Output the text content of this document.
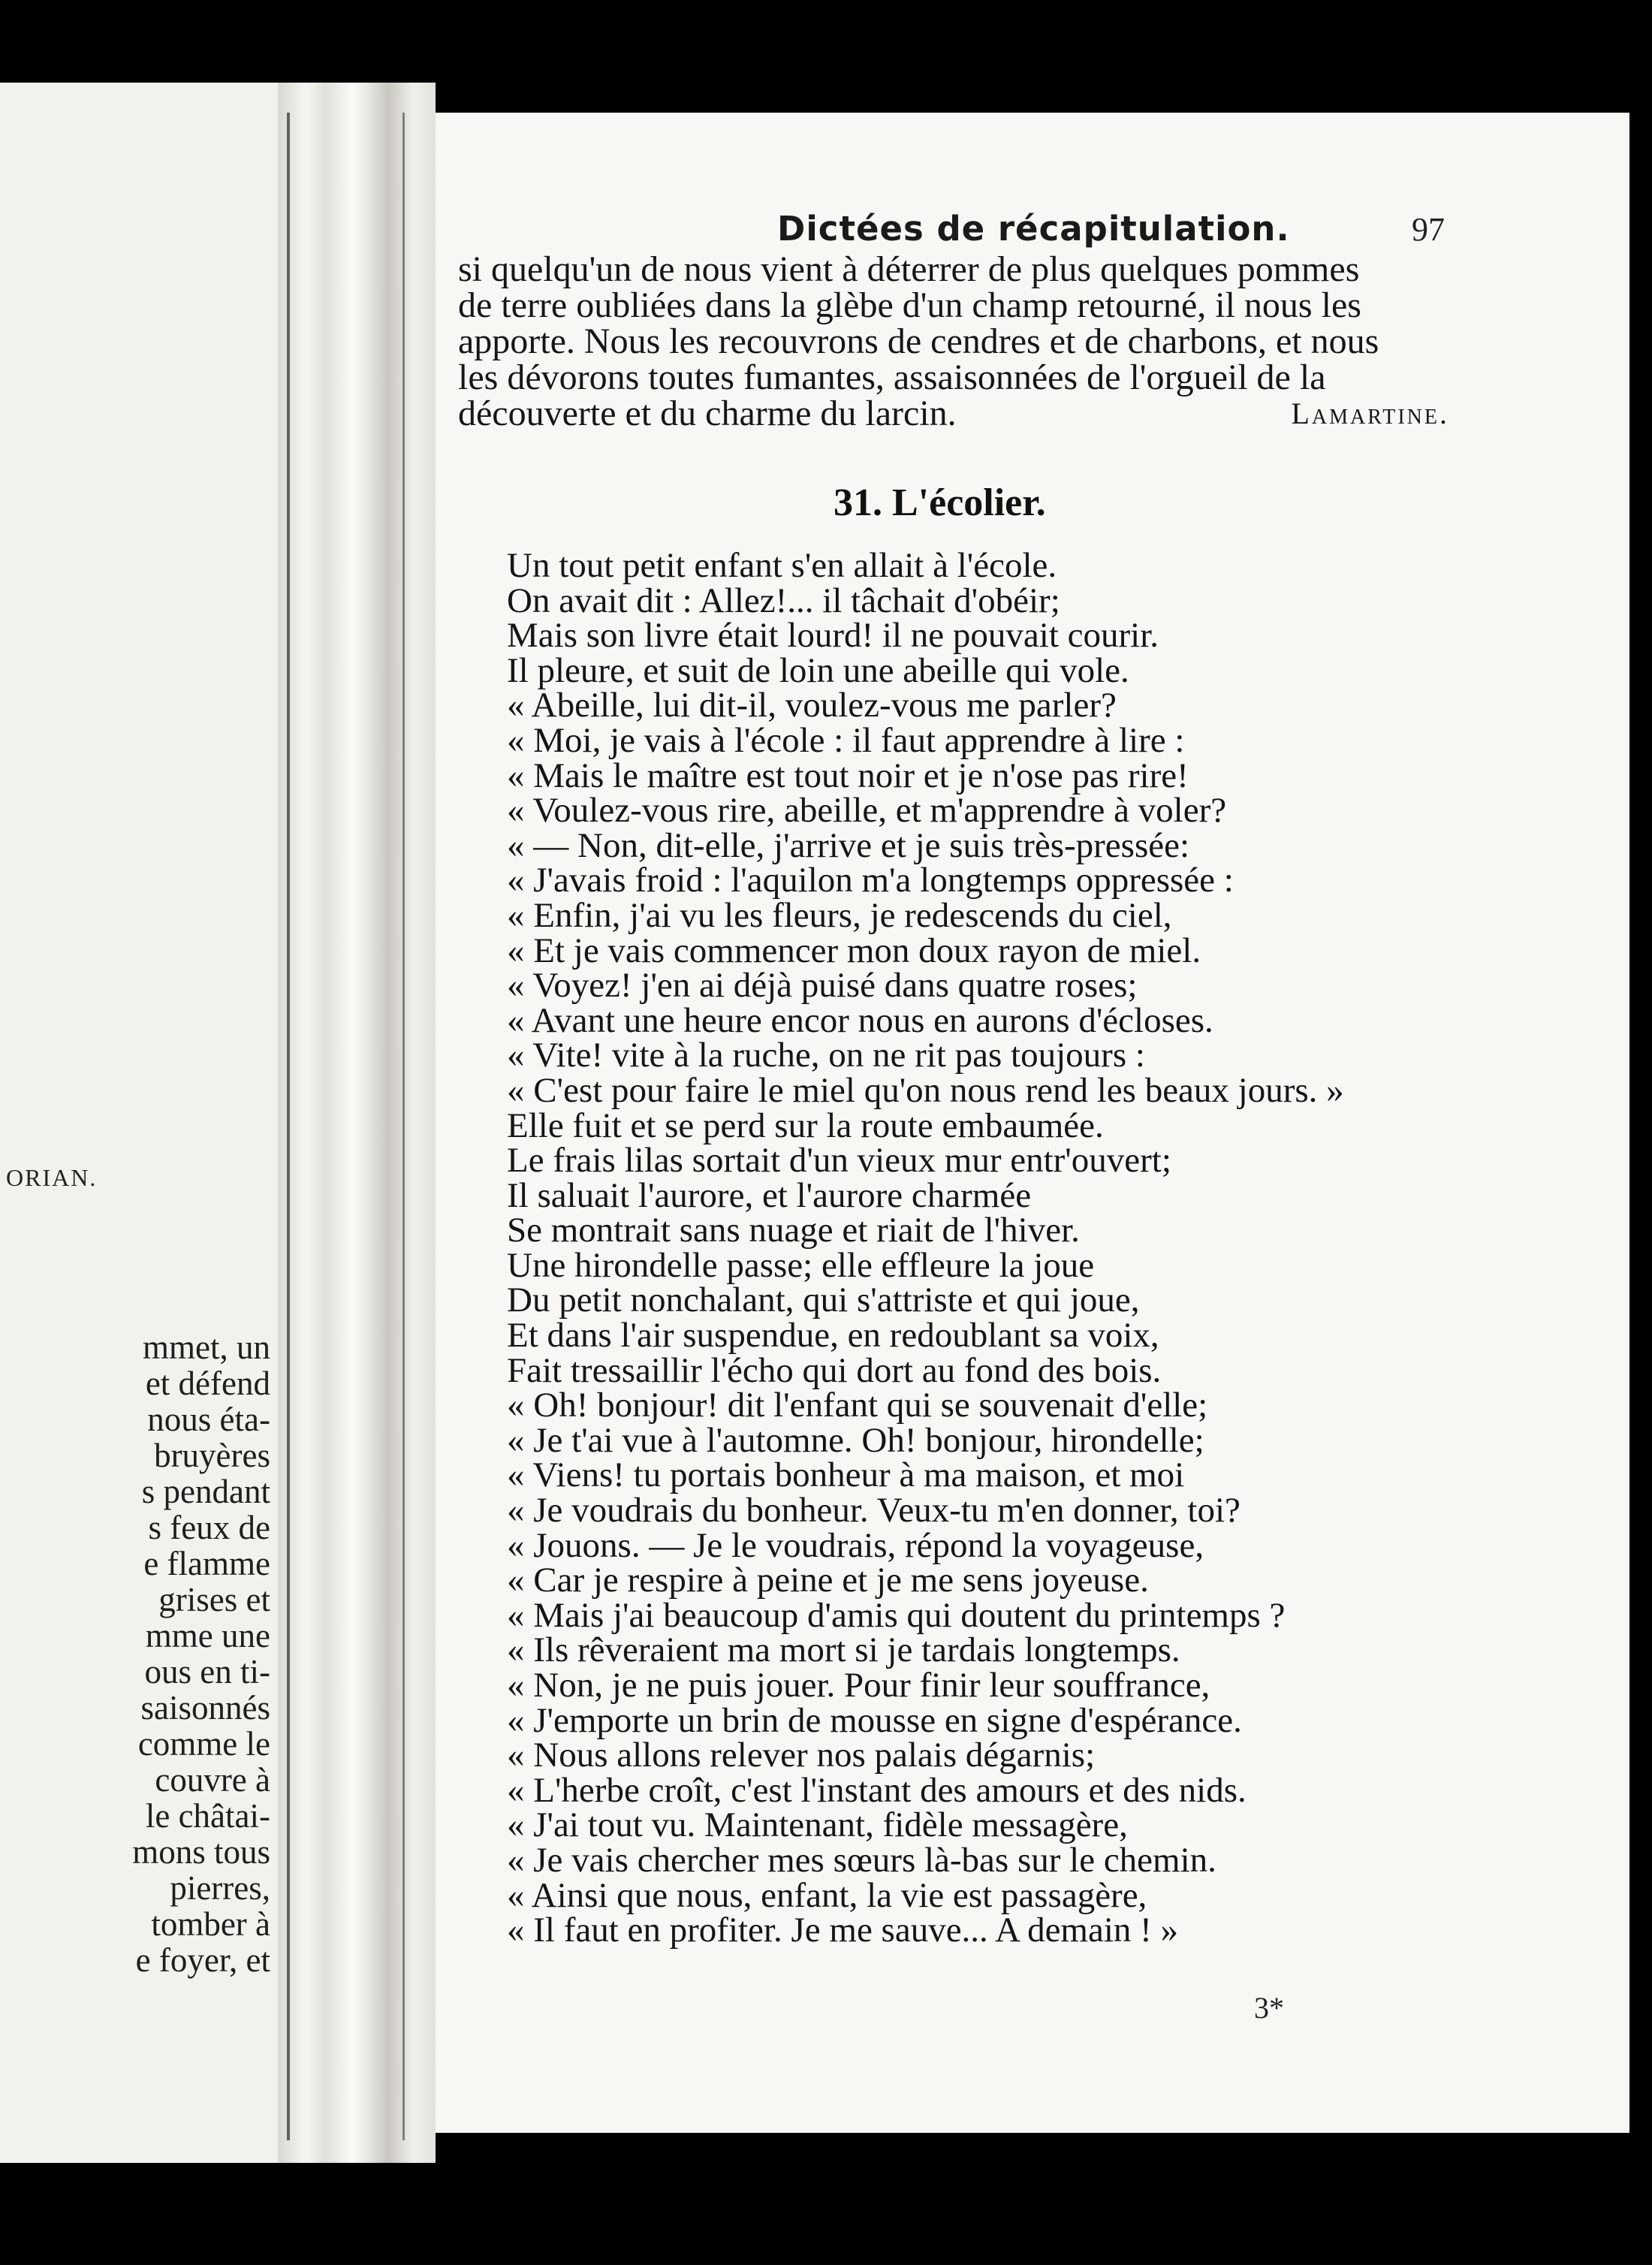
ORIAN.
mmet, un
et défend
nous éta-
bruyères
s pendant
s feux de
e flamme
grises et
mme une
ous en ti-
saisonnés
comme le
couvre à
le châtai-
mons tous
pierres,
tomber à
e foyer, et
Dictées de récapitulation.	97
si quelqu'un de nous vient à déterrer de plus quelques pommes
de terre oubliées dans la glèbe d'un champ retourné, il nous les
apporte. Nous les recouvrons de cendres et de charbons, et nous
les dévorons toutes fumantes, assaisonnées de l'orgueil de la
découverte et du charme du larcin.	Lamartine.
31. L'écolier.
Un tout petit enfant s'en allait à l'école.
On avait dit : Allez!... il tâchait d'obéir;
Mais son livre était lourd! il ne pouvait courir.
Il pleure, et suit de loin une abeille qui vole.
« Abeille, lui dit-il, voulez-vous me parler?
« Moi, je vais à l'école : il faut apprendre à lire :
« Mais le maître est tout noir et je n'ose pas rire!
« Voulez-vous rire, abeille, et m'apprendre à voler?
« — Non, dit-elle, j'arrive et je suis très-pressée:
« J'avais froid : l'aquilon m'a longtemps oppressée :
« Enfin, j'ai vu les fleurs, je redescends du ciel,
« Et je vais commencer mon doux rayon de miel.
« Voyez! j'en ai déjà puisé dans quatre roses;
« Avant une heure encor nous en aurons d'écloses.
« Vite! vite à la ruche, on ne rit pas toujours :
« C'est pour faire le miel qu'on nous rend les beaux jours. »
Elle fuit et se perd sur la route embaumée.
Le frais lilas sortait d'un vieux mur entr'ouvert;
Il saluait l'aurore, et l'aurore charmée
Se montrait sans nuage et riait de l'hiver.
Une hirondelle passe; elle effleure la joue
Du petit nonchalant, qui s'attriste et qui joue,
Et dans l'air suspendue, en redoublant sa voix,
Fait tressaillir l'écho qui dort au fond des bois.
« Oh! bonjour! dit l'enfant qui se souvenait d'elle;
« Je t'ai vue à l'automne. Oh! bonjour, hirondelle;
« Viens! tu portais bonheur à ma maison, et moi
« Je voudrais du bonheur. Veux-tu m'en donner, toi?
« Jouons. — Je le voudrais, répond la voyageuse,
« Car je respire à peine et je me sens joyeuse.
« Mais j'ai beaucoup d'amis qui doutent du printemps ?
« Ils rêveraient ma mort si je tardais longtemps.
« Non, je ne puis jouer. Pour finir leur souffrance,
« J'emporte un brin de mousse en signe d'espérance.
« Nous allons relever nos palais dégarnis;
« L'herbe croît, c'est l'instant des amours et des nids.
« J'ai tout vu. Maintenant, fidèle messagère,
« Je vais chercher mes sœurs là-bas sur le chemin.
« Ainsi que nous, enfant, la vie est passagère,
« Il faut en profiter. Je me sauve... A demain ! »
3*
